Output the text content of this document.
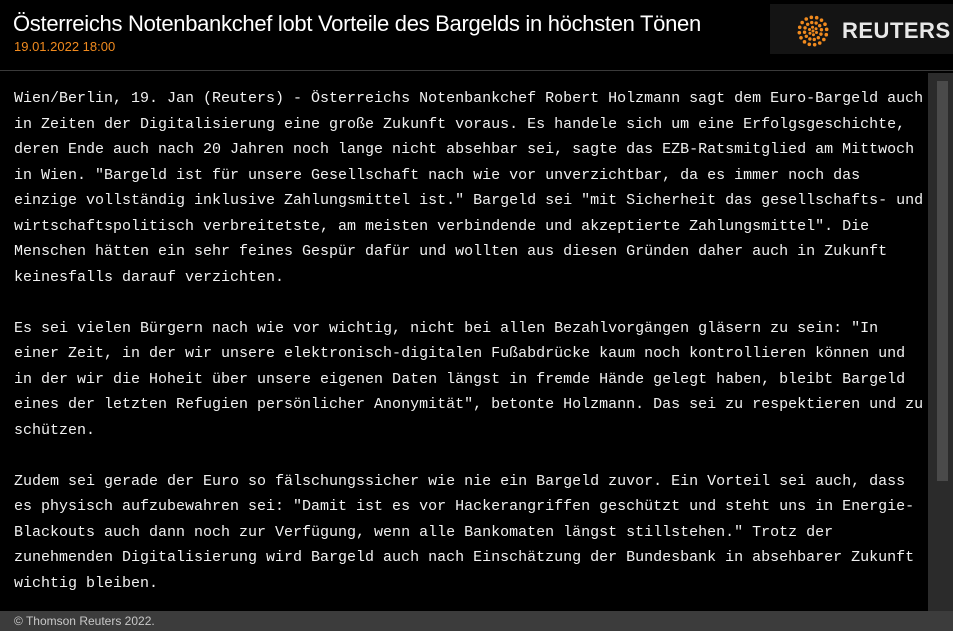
Österreichs Notenbankchef lobt Vorteile des Bargelds in höchsten Tönen
19.01.2022 18:00
REUTERS

Wien/Berlin, 19. Jan (Reuters) - Österreichs Notenbankchef Robert Holzmann sagt dem Euro-Bargeld auch in Zeiten der Digitalisierung eine große Zukunft voraus. Es handele sich um eine Erfolgsgeschichte, deren Ende auch nach 20 Jahren noch lange nicht absehbar sei, sagte das EZB-Ratsmitglied am Mittwoch in Wien. "Bargeld ist für unsere Gesellschaft nach wie vor unverzichtbar, da es immer noch das einzige vollständig inklusive Zahlungsmittel ist." Bargeld sei "mit Sicherheit das gesellschafts- und wirtschaftspolitisch verbreitetste, am meisten verbindende und akzeptierte Zahlungsmittel". Die Menschen hätten ein sehr feines Gespür dafür und wollten aus diesen Gründen daher auch in Zukunft keinesfalls darauf verzichten.

Es sei vielen Bürgern nach wie vor wichtig, nicht bei allen Bezahlvorgängen gläsern zu sein: "In einer Zeit, in der wir unsere elektronisch-digitalen Fußabdrücke kaum noch kontrollieren können und in der wir die Hoheit über unsere eigenen Daten längst in fremde Hände gelegt haben, bleibt Bargeld eines der letzten Refugien persönlicher Anonymität", betonte Holzmann. Das sei zu respektieren und zu schützen.

Zudem sei gerade der Euro so fälschungssicher wie nie ein Bargeld zuvor. Ein Vorteil sei auch, dass es physisch aufzubewahren sei: "Damit ist es vor Hackerangriffen geschützt und steht uns in Energie-Blackouts auch dann noch zur Verfügung, wenn alle Bankomaten längst stillstehen." Trotz der zunehmenden Digitalisierung wird Bargeld auch nach Einschätzung der Bundesbank in absehbarer Zukunft wichtig bleiben.

© Thomson Reuters 2022.
